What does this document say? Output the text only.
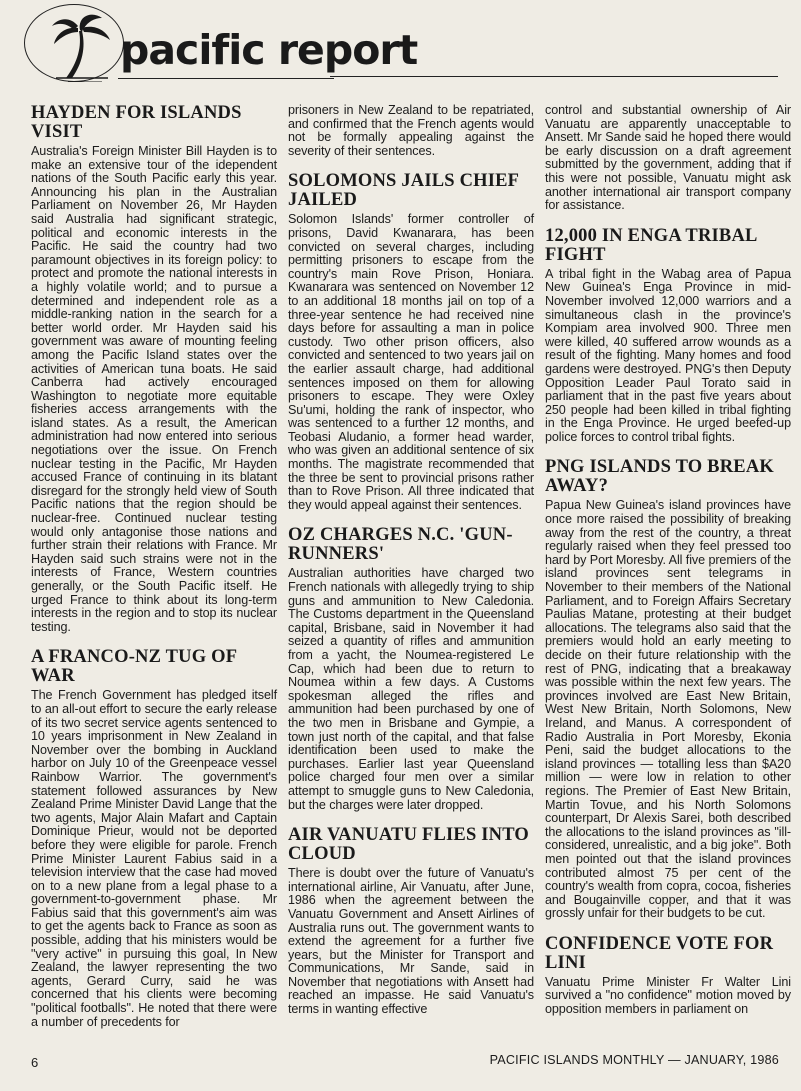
pacific report
HAYDEN FOR ISLANDS VISIT

Australia's Foreign Minister Bill Hayden is to make an extensive tour of the idependent nations of the South Pacific early this year. Announcing his plan in the Australian Parliament on November 26, Mr Hayden said Australia had significant strategic, political and economic interests in the Pacific. He said the country had two paramount objectives in its foreign policy: to protect and promote the national interests in a highly volatile world; and to pursue a determined and independent role as a middle-ranking nation in the search for a better world order. Mr Hayden said his government was aware of mounting feeling among the Pacific Island states over the activities of American tuna boats. He said Canberra had actively encouraged Washington to negotiate more equitable fisheries access arrangements with the island states. As a result, the American administration had now entered into serious negotiations over the issue. On French nuclear testing in the Pacific, Mr Hayden accused France of continuing in its blatant disregard for the strongly held view of South Pacific nations that the region should be nuclear-free. Continued nuclear testing would only antagonise those nations and further strain their relations with France. Mr Hayden said such strains were not in the interests of France, Western countries generally, or the South Pacific itself. He urged France to think about its long-term interests in the region and to stop its nuclear testing.

A FRANCO-NZ TUG OF WAR

The French Government has pledged itself to an all-out effort to secure the early release of its two secret service agents sentenced to 10 years imprisonment in New Zealand in November over the bombing in Auckland harbor on July 10 of the Greenpeace vessel Rainbow Warrior. The government's statement followed assurances by New Zealand Prime Minister David Lange that the two agents, Major Alain Mafart and Captain Dominique Prieur, would not be deported before they were eligible for parole. French Prime Minister Laurent Fabius said in a television interview that the case had moved on to a new plane from a legal phase to a government-to-government phase. Mr Fabius said that this government's aim was to get the agents back to France as soon as possible, adding that his ministers would be "very active" in pursuing this goal, In New Zealand, the lawyer representing the two agents, Gerard Curry, said he was concerned that his clients were becoming "political footballs". He noted that there were a number of precedents for

prisoners in New Zealand to be repatriated, and confirmed that the French agents would not be formally appealing against the severity of their sentences.

SOLOMONS JAILS CHIEF JAILED

Solomon Islands' former controller of prisons, David Kwanarara, has been convicted on several charges, including permitting prisoners to escape from the country's main Rove Prison, Honiara. Kwanarara was sentenced on November 12 to an additional 18 months jail on top of a three-year sentence he had received nine days before for assaulting a man in police custody. Two other prison officers, also convicted and sentenced to two years jail on the earlier assault charge, had additional sentences imposed on them for allowing prisoners to escape. They were Oxley Su'umi, holding the rank of inspector, who was sentenced to a further 12 months, and Teobasi Aludanio, a former head warder, who was given an additional sentence of six months. The magistrate recommended that the three be sent to provincial prisons rather than to Rove Prison. All three indicated that they would appeal against their sentences.

OZ CHARGES N.C. 'GUN-RUNNERS'

Australian authorities have charged two French nationals with allegedly trying to ship guns and ammunition to New Caledonia. The Customs department in the Queensland capital, Brisbane, said in November it had seized a quantity of rifles and ammunition from a yacht, the Noumea-registered Le Cap, which had been due to return to Noumea within a few days. A Customs spokesman alleged the rifles and ammunition had been purchased by one of the two men in Brisbane and Gympie, a town just north of the capital, and that false identification been used to make the purchases. Earlier last year Queensland police charged four men over a similar attempt to smuggle guns to New Caledonia, but the charges were later dropped.

AIR VANUATU FLIES INTO CLOUD

There is doubt over the future of Vanuatu's international airline, Air Vanuatu, after June, 1986 when the agreement between the Vanuatu Government and Ansett Airlines of Australia runs out. The government wants to extend the agreement for a further five years, but the Minister for Transport and Communications, Mr Sande, said in November that negotiations with Ansett had reached an impasse. He said Vanuatu's terms in wanting effective

control and substantial ownership of Air Vanuatu are apparently unacceptable to Ansett. Mr Sande said he hoped there would be early discussion on a draft agreement submitted by the government, adding that if this were not possible, Vanuatu might ask another international air transport company for assistance.

12,000 IN ENGA TRIBAL FIGHT

A tribal fight in the Wabag area of Papua New Guinea's Enga Province in mid-November involved 12,000 warriors and a simultaneous clash in the province's Kompiam area involved 900. Three men were killed, 40 suffered arrow wounds as a result of the fighting. Many homes and food gardens were destroyed. PNG's then Deputy Opposition Leader Paul Torato said in parliament that in the past five years about 250 people had been killed in tribal fighting in the Enga Province. He urged beefed-up police forces to control tribal fights.

PNG ISLANDS TO BREAK AWAY?

Papua New Guinea's island provinces have once more raised the possibility of breaking away from the rest of the country, a threat regularly raised when they feel pressed too hard by Port Moresby. All five premiers of the island provinces sent telegrams in November to their members of the National Parliament, and to Foreign Affairs Secretary Paulias Matane, protesting at their budget allocations. The telegrams also said that the premiers would hold an early meeting to decide on their future relationship with the rest of PNG, indicating that a breakaway was possible within the next few years. The provinces involved are East New Britain, West New Britain, North Solomons, New Ireland, and Manus. A correspondent of Radio Australia in Port Moresby, Ekonia Peni, said the budget allocations to the island provinces — totalling less than $A20 million — were low in relation to other regions. The Premier of East New Britain, Martin Tovue, and his North Solomons counterpart, Dr Alexis Sarei, both described the allocations to the island provinces as "ill-considered, unrealistic, and a big joke". Both men pointed out that the island provinces contributed almost 75 per cent of the country's wealth from copra, cocoa, fisheries and Bougainville copper, and that it was grossly unfair for their budgets to be cut.

CONFIDENCE VOTE FOR LINI

Vanuatu Prime Minister Fr Walter Lini survived a "no confidence" motion moved by opposition members in parliament on

6	PACIFIC ISLANDS MONTHLY — JANUARY, 1986
